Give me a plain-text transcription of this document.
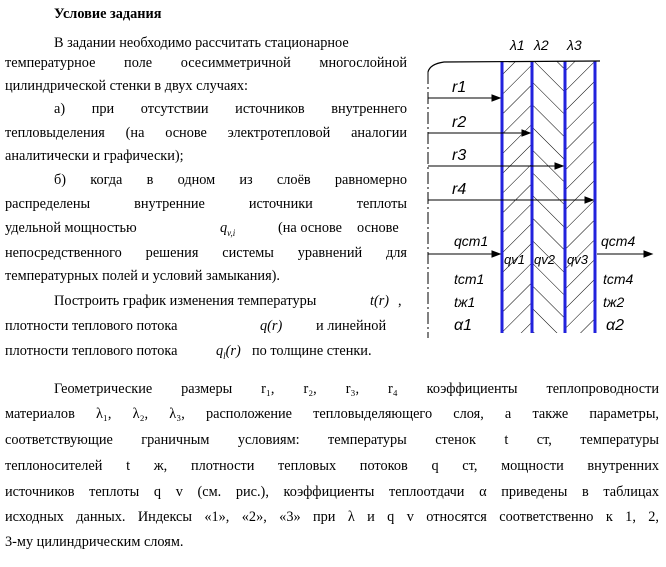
Условие задания
В задании необходимо рассчитать стационарное
температурное поле осесимметричной многослойной
цилиндрической стенки в двух случаях:
а) при отсутствии источников внутреннего
тепловыделения (на основе электротепловой аналогии
аналитически и графически);
б) когда в одном из слоёв равномерно
распределены внутренние источники теплоты
удельной мощностью	$q_{v,i}$	(на основе основе
непосредственного решения системы уравнений для
температурных полей и условий замыкания).
Построить график изменения температуры	t(r) ,
плотности теплового потока	q(r) и линейной
плотности теплового потока	$q_l(r)$ по толщине стенки.
Геометрические размеры r₁, r₂, r₃, r₄ коэффициенты теплопроводности
материалов λ₁, λ₂, λ₃, расположение тепловыделяющего слоя, а также параметры,
соответствующие граничным условиям: температуры стенок t ст, температуры
теплоносителей t ж, плотности тепловых потоков q ст, мощности внутренних
источников теплоты q v (см. рис.), коэффициенты теплоотдачи α приведены в таблицах
исходных данных. Индексы «1», «2», «3» при λ и q v относятся соответственно к 1, 2,
3-му цилиндрическим слоям.
λ1 λ2 λ3
r1
r2
r3
r4
qcm1	qcm4
qv1 qv2 qv3
tcm1	tcm4
tж1	tж2
α1	α2
